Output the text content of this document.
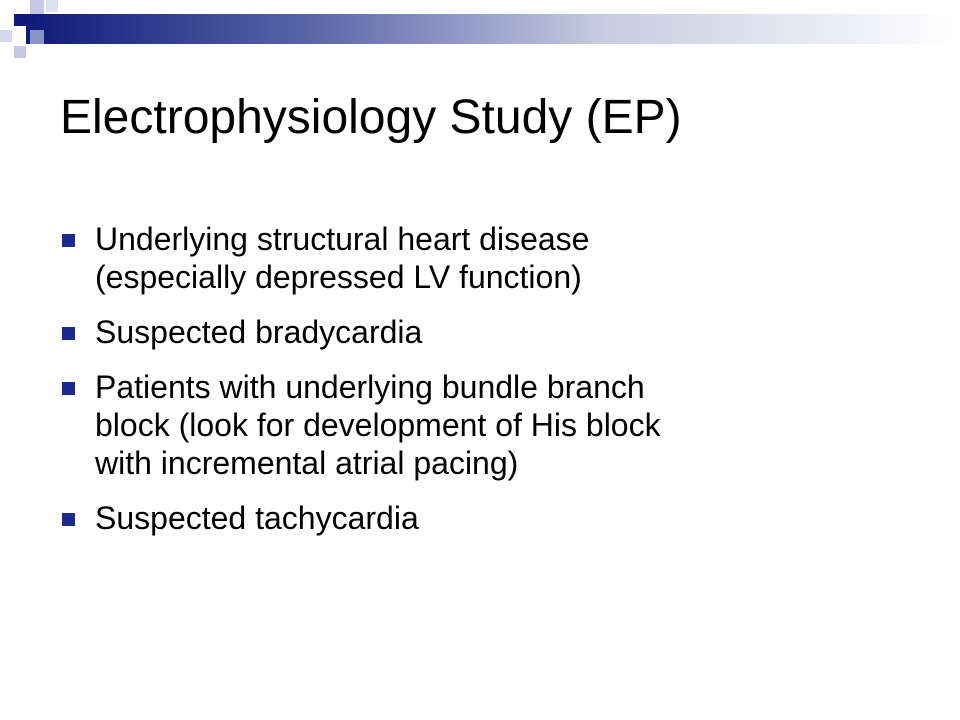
Electrophysiology Study (EP)
Underlying structural heart disease
(especially depressed LV function)
Suspected bradycardia
Patients with underlying bundle branch
block (look for development of His block
with incremental atrial pacing)
Suspected tachycardia
